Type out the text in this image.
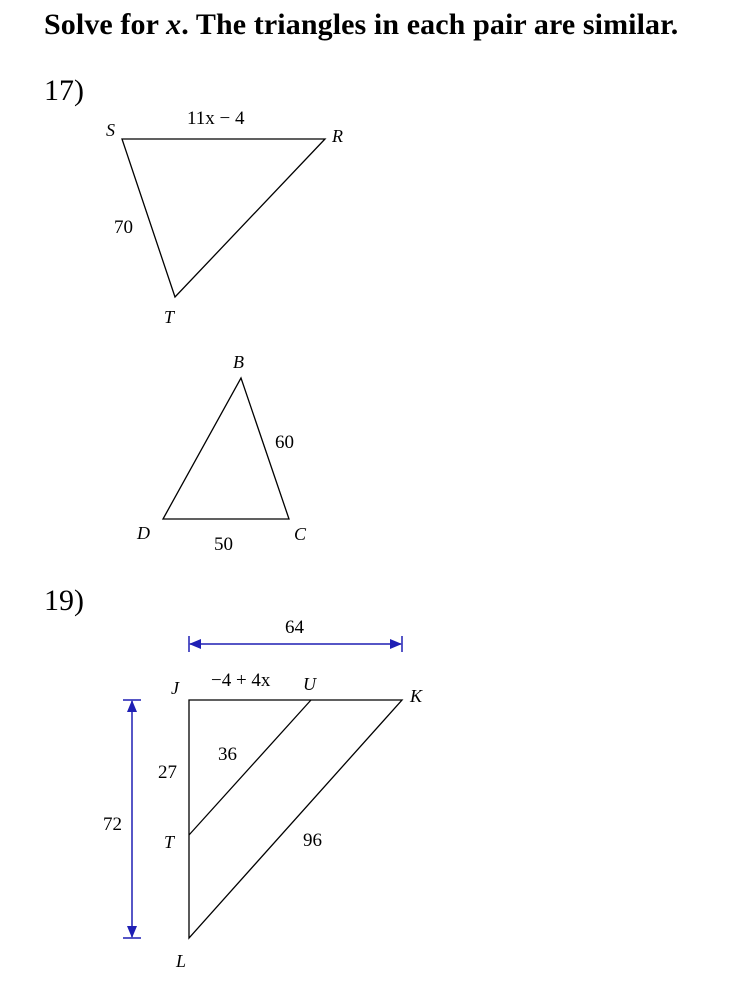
Solve for x. The triangles in each pair are similar.
17)
19)
S	R
T
11x − 4
70
B
D	C
60
50
J	U
K
T
L
−4 + 4x
27
36
96
64
72
